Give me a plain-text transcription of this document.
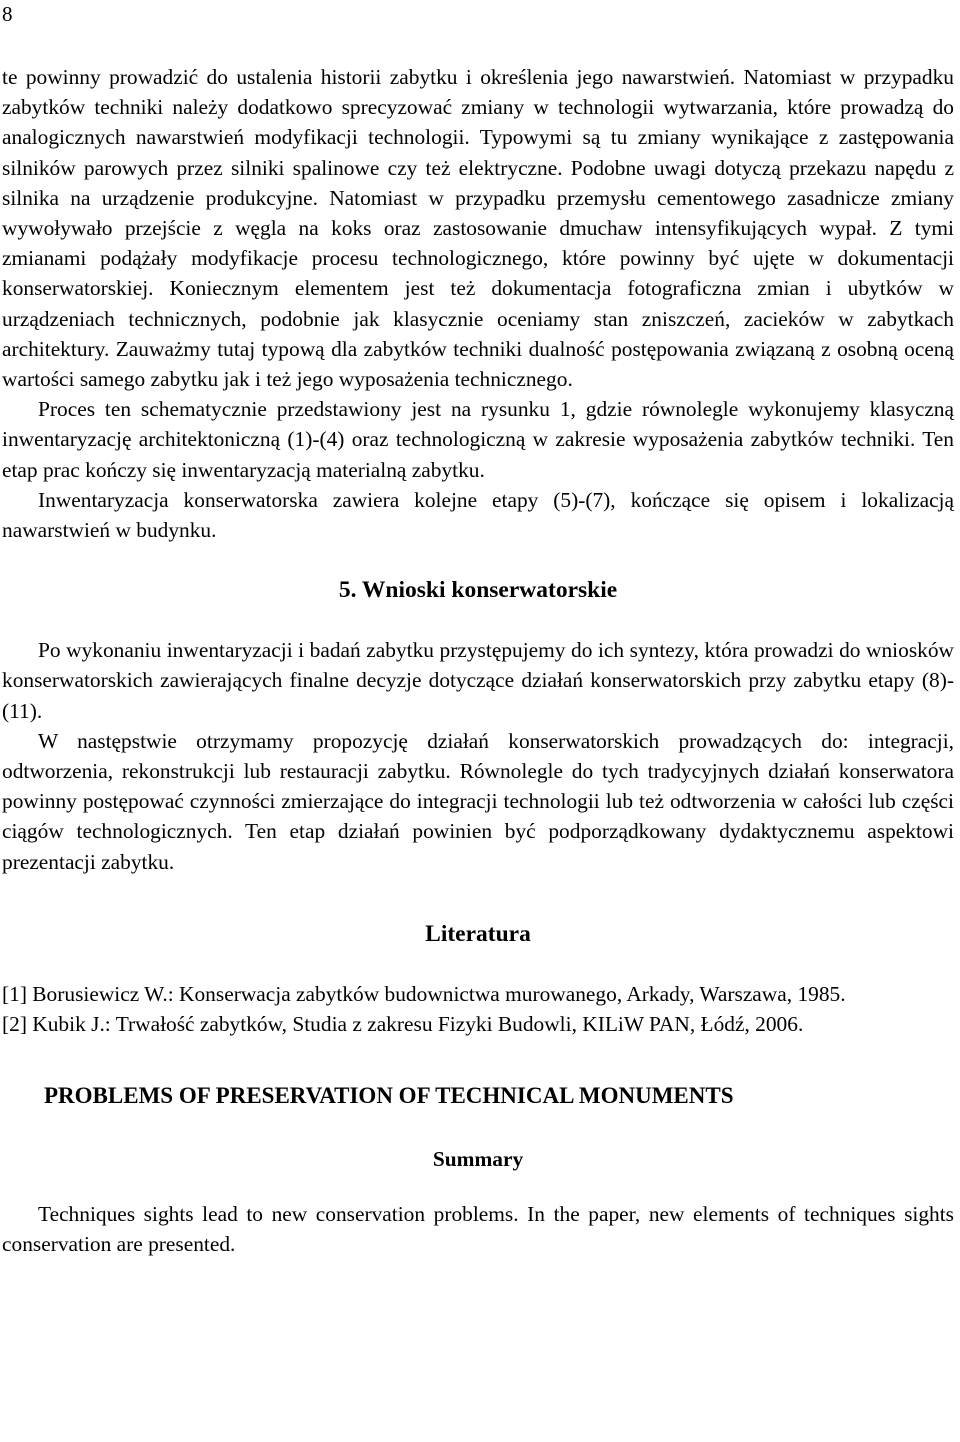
8

te powinny prowadzić do ustalenia historii zabytku i określenia jego nawarstwień. Natomiast w przypadku zabytków techniki należy dodatkowo sprecyzować zmiany w technologii wytwarzania, które prowadzą do analogicznych nawarstwień modyfikacji technologii. Typowymi są tu zmiany wynikające z zastępowania silników parowych przez silniki spalinowe czy też elektryczne. Podobne uwagi dotyczą przekazu napędu z silnika na urządzenie produkcyjne. Natomiast w przypadku przemysłu cementowego zasadnicze zmiany wywoływało przejście z węgla na koks oraz zastosowanie dmuchaw intensyfikujących wypał. Z tymi zmianami podążały modyfikacje procesu technologicznego, które powinny być ujęte w dokumentacji konserwatorskiej. Koniecznym elementem jest też dokumentacja fotograficzna zmian i ubytków w urządzeniach technicznych, podobnie jak klasycznie oceniamy stan zniszczeń, zacieków w zabytkach architektury. Zauważmy tutaj typową dla zabytków techniki dualność postępowania związaną z osobną oceną wartości samego zabytku jak i też jego wyposażenia technicznego.

Proces ten schematycznie przedstawiony jest na rysunku 1, gdzie równolegle wykonujemy klasyczną inwentaryzację architektoniczną (1)-(4) oraz technologiczną w zakresie wyposażenia zabytków techniki. Ten etap prac kończy się inwentaryzacją materialną zabytku.

Inwentaryzacja konserwatorska zawiera kolejne etapy (5)-(7), kończące się opisem i lokalizacją nawarstwień w budynku.

5. Wnioski konserwatorskie

Po wykonaniu inwentaryzacji i badań zabytku przystępujemy do ich syntezy, która prowadzi do wniosków konserwatorskich zawierających finalne decyzje dotyczące działań konserwatorskich przy zabytku etapy (8)-(11).

W następstwie otrzymamy propozycję działań konserwatorskich prowadzących do: integracji, odtworzenia, rekonstrukcji lub restauracji zabytku. Równolegle do tych tradycyjnych działań konserwatora powinny postępować czynności zmierzające do integracji technologii lub też odtworzenia w całości lub części ciągów technologicznych. Ten etap działań powinien być podporządkowany dydaktycznemu aspektowi prezentacji zabytku.

Literatura

[1] Borusiewicz W.: Konserwacja zabytków budownictwa murowanego, Arkady, Warszawa, 1985.

[2] Kubik J.: Trwałość zabytków, Studia z zakresu Fizyki Budowli, KILiW PAN, Łódź, 2006.

PROBLEMS OF PRESERVATION OF TECHNICAL MONUMENTS
Summary

Techniques sights lead to new conservation problems. In the paper, new elements of techniques sights conservation are presented.
